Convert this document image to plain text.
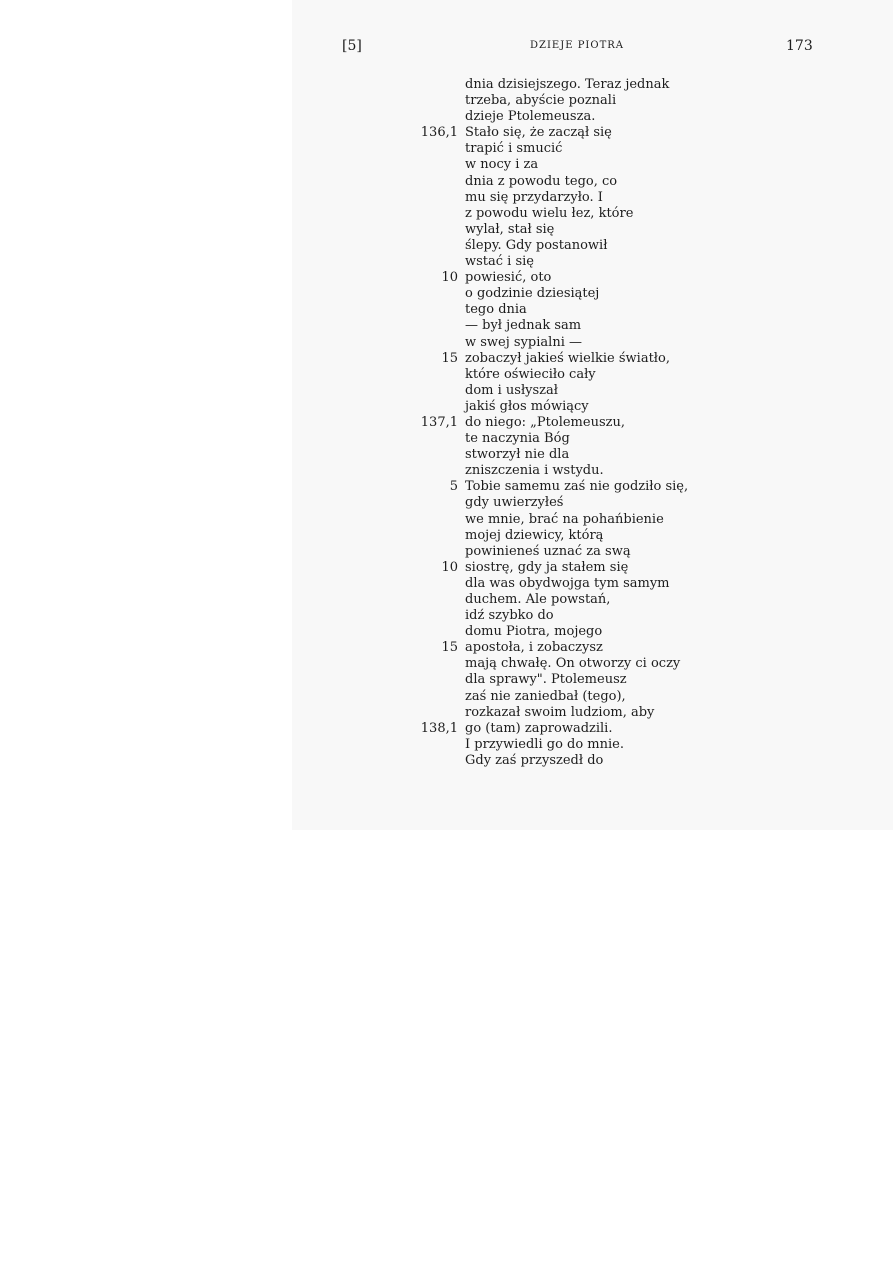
[5]	DZIEJE PIOTRA	173
dnia dzisiejszego. Teraz jednak
trzeba, abyście poznali
dzieje Ptolemeusza.
136,1 Stało się, że zaczął się
trapić i smucić
w nocy i za
dnia z powodu tego, co
mu się przydarzyło. I
z powodu wielu łez, które
wylał, stał się
ślepy. Gdy postanowił
wstać i się
10 powiesić, oto
o godzinie dziesiątej
tego dnia
— był jednak sam
w swej sypialni —
15 zobaczył jakieś wielkie światło,
które oświeciło cały
dom i usłyszał
jakiś głos mówiący
137,1 do niego: „Ptolemeuszu,
te naczynia Bóg
stworzył nie dla
zniszczenia i wstydu.
5 Tobie samemu zaś nie godziło się,
gdy uwierzyłeś
we mnie, brać na pohańbienie
mojej dziewicy, którą
powinieneś uznać za swą
10 siostrę, gdy ja stałem się
dla was obydwojga tym samym
duchem. Ale powstań,
idź szybko do
domu Piotra, mojego
15 apostoła, i zobaczysz
mają chwałę. On otworzy ci oczy
dla sprawy". Ptolemeusz
zaś nie zaniedbał (tego),
rozkazał swoim ludziom, aby
138,1 go (tam) zaprowadzili.
I przywiedli go do mnie.
Gdy zaś przyszedł do
